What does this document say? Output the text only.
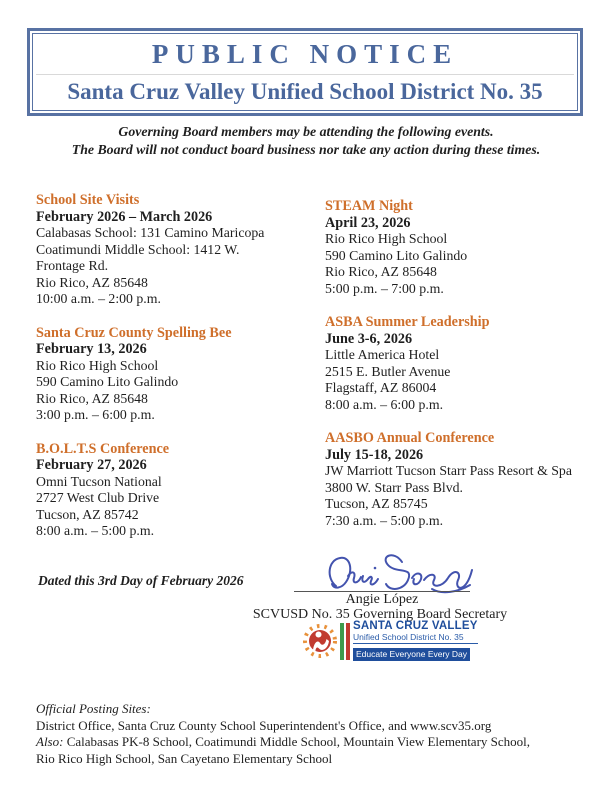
PUBLIC NOTICE
Santa Cruz Valley Unified School District No. 35
Governing Board members may be attending the following events.
The Board will not conduct board business nor take any action during these times.
School Site Visits
February 2026 – March 2026
Calabasas School: 131 Camino Maricopa
Coatimundi Middle School: 1412 W.
Frontage Rd.
Rio Rico, AZ 85648
10:00 a.m. – 2:00 p.m.
Santa Cruz County Spelling Bee
February 13, 2026
Rio Rico High School
590 Camino Lito Galindo
Rio Rico, AZ 85648
3:00 p.m. – 6:00 p.m.
B.O.L.T.S Conference
February 27, 2026
Omni Tucson National
2727 West Club Drive
Tucson, AZ 85742
8:00 a.m. – 5:00 p.m.
STEAM Night
April 23, 2026
Rio Rico High School
590 Camino Lito Galindo
Rio Rico, AZ 85648
5:00 p.m. – 7:00 p.m.
ASBA Summer Leadership
June 3-6, 2026
Little America Hotel
2515 E. Butler Avenue
Flagstaff, AZ 86004
8:00 a.m. – 6:00 p.m.
AASBO Annual Conference
July 15-18, 2026
JW Marriott Tucson Starr Pass Resort & Spa
3800 W. Starr Pass Blvd.
Tucson, AZ 85745
7:30 a.m. – 5:00 p.m.
Dated this 3rd Day of February 2026
Angie López
SCVUSD No. 35 Governing Board Secretary
SANTA CRUZ VALLEY
Unified School District No. 35
Educate Everyone Every Day
Official Posting Sites:
District Office, Santa Cruz County School Superintendent's Office, and www.scv35.org
Also: Calabasas PK-8 School, Coatimundi Middle School, Mountain View Elementary School,
Rio Rico High School, San Cayetano Elementary School
